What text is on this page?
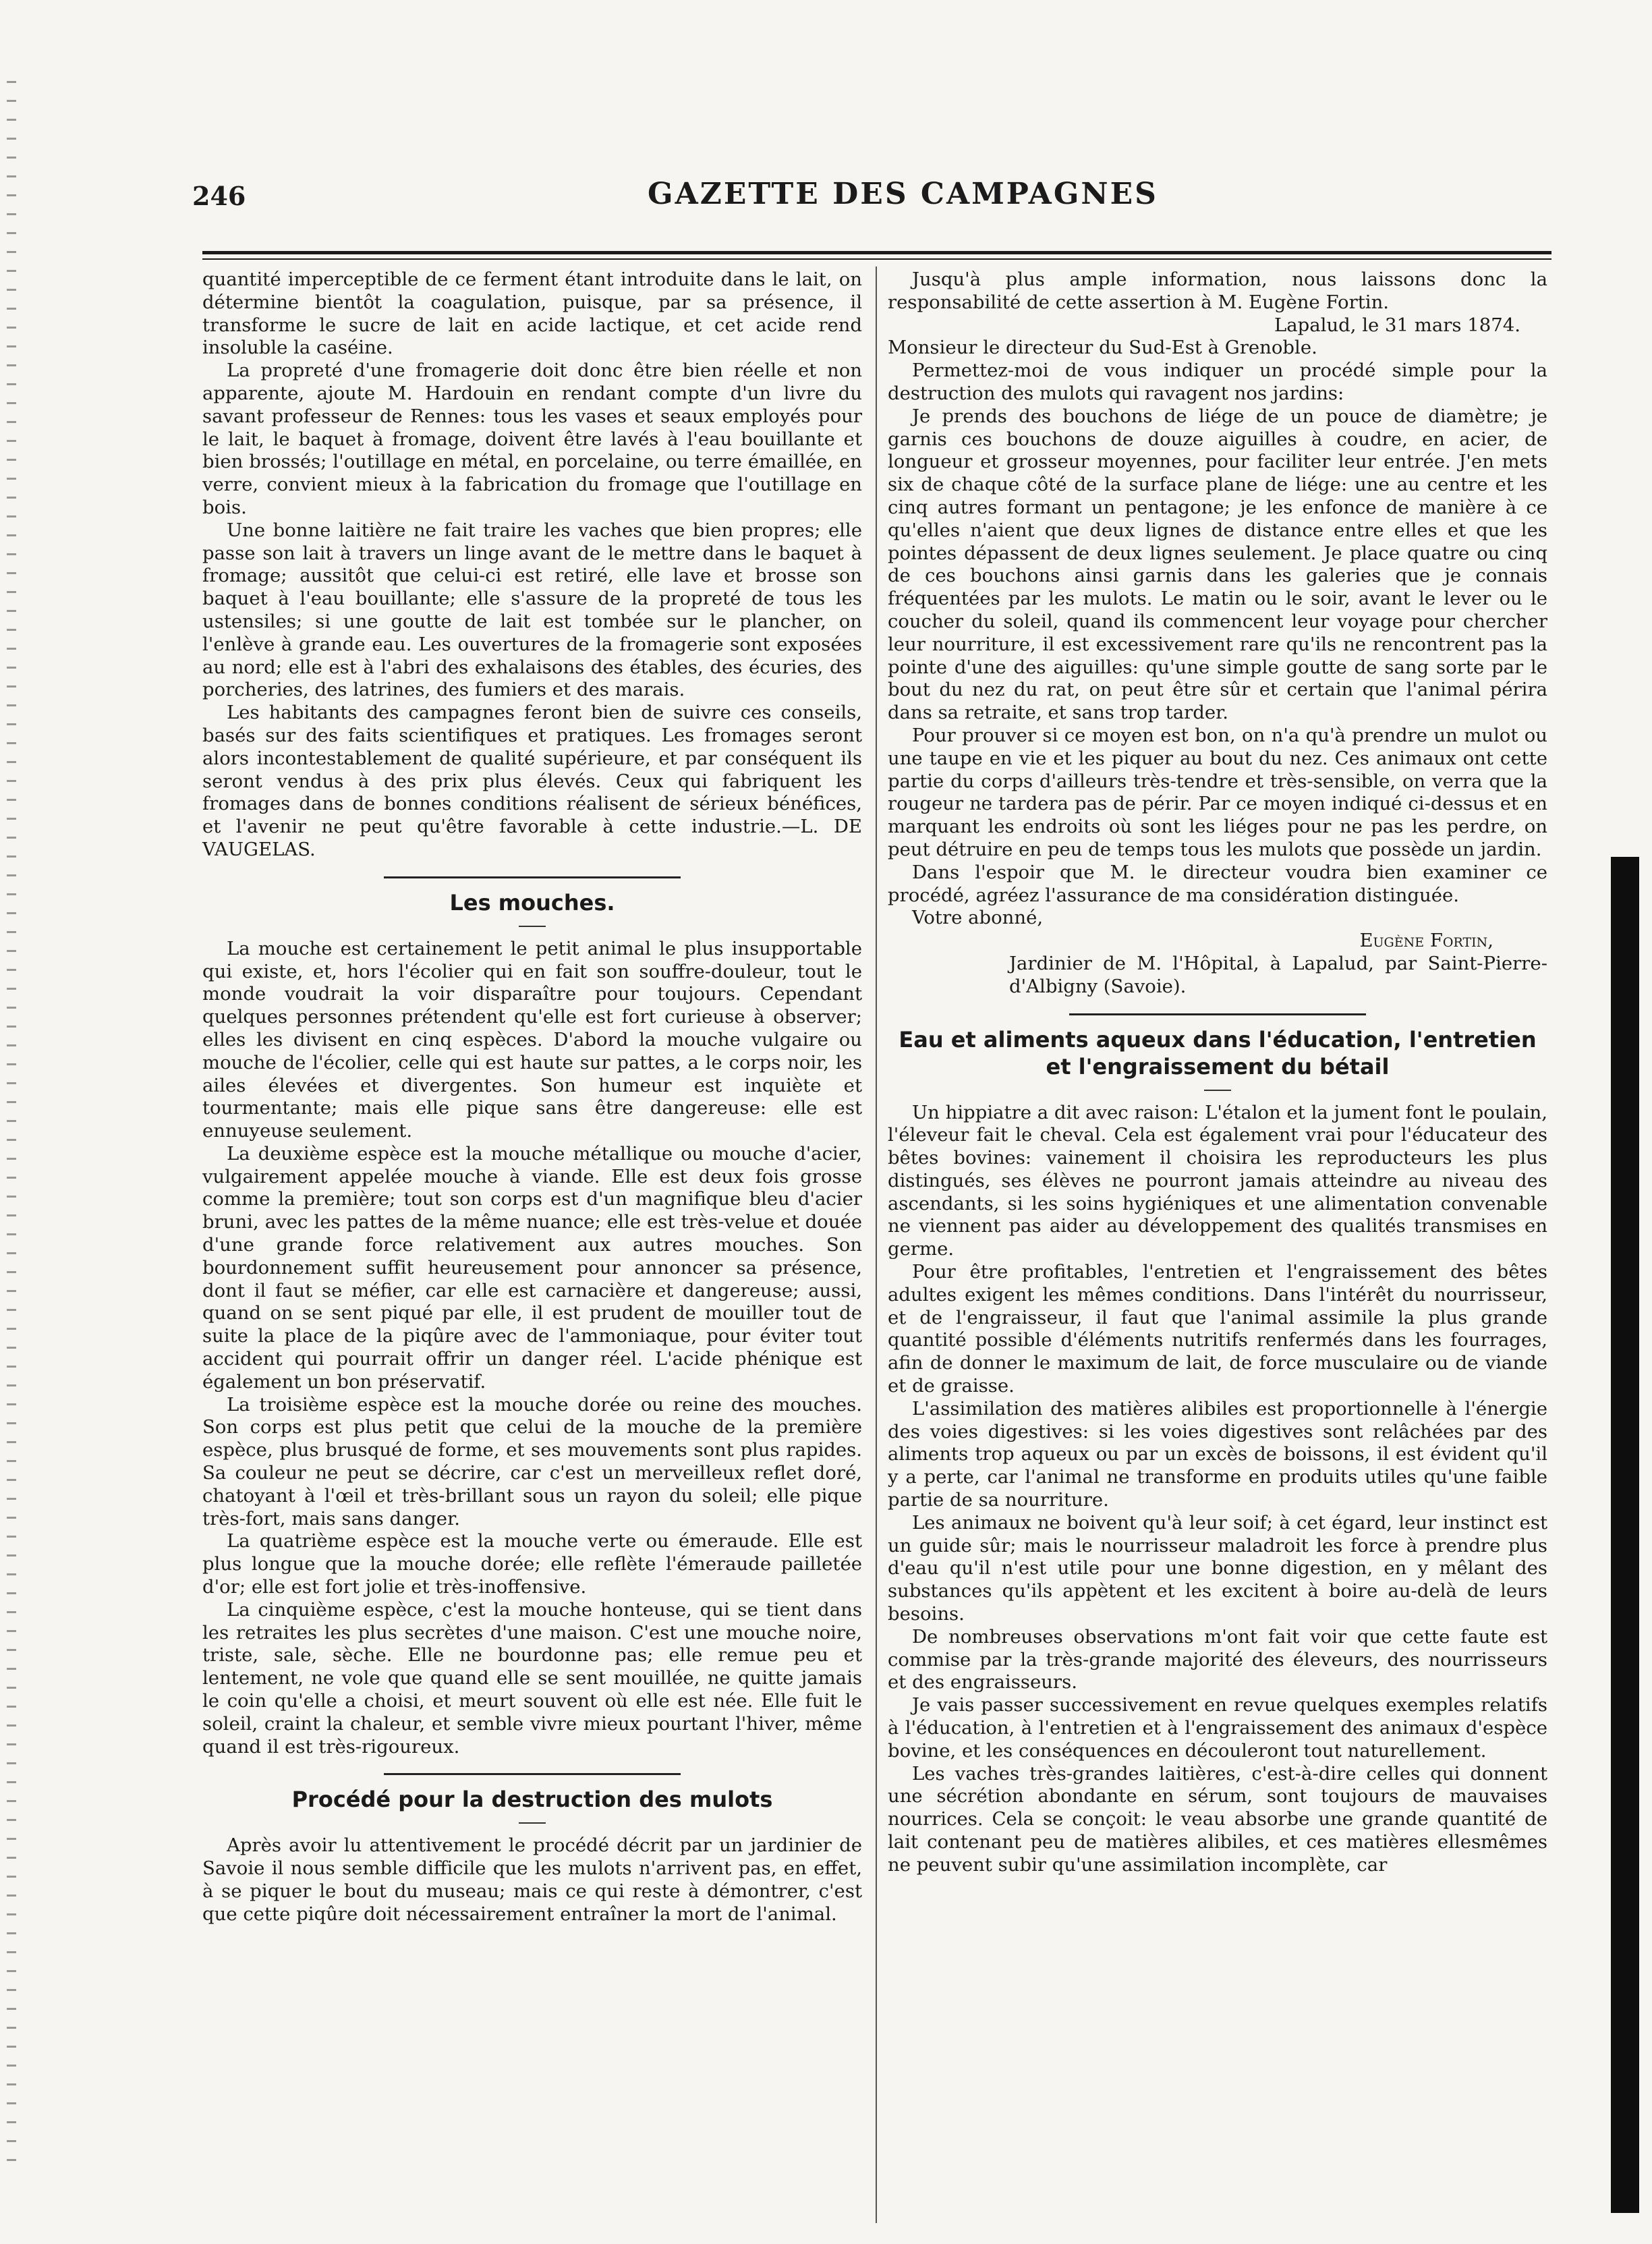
246	GAZETTE DES CAMPAGNES

quantité imperceptible de ce ferment étant introduite dans le lait, on détermine bientôt la coagulation, puisque, par sa présence, il transforme le sucre de lait en acide lactique, et cet acide rend insoluble la caséine.

La propreté d'une fromagerie doit donc être bien réelle et non apparente, ajoute M. Hardouin en rendant compte d'un livre du savant professeur de Rennes: tous les vases et seaux employés pour le lait, le baquet à fromage, doivent être lavés à l'eau bouillante et bien brossés; l'outillage en métal, en porcelaine, ou terre émaillée, en verre, convient mieux à la fabrication du fromage que l'outillage en bois.

Une bonne laitière ne fait traire les vaches que bien propres; elle passe son lait à travers un linge avant de le mettre dans le baquet à fromage; aussitôt que celui-ci est retiré, elle lave et brosse son baquet à l'eau bouillante; elle s'assure de la propreté de tous les ustensiles; si une goutte de lait est tombée sur le plancher, on l'enlève à grande eau. Les ouvertures de la fromagerie sont exposées au nord; elle est à l'abri des exhalaisons des étables, des écuries, des porcheries, des latrines, des fumiers et des marais.

Les habitants des campagnes feront bien de suivre ces conseils, basés sur des faits scientifiques et pratiques. Les fromages seront alors incontestablement de qualité supérieure, et par conséquent ils seront vendus à des prix plus élevés. Ceux qui fabriquent les fromages dans de bonnes conditions réalisent de sérieux bénéfices, et l'avenir ne peut qu'être favorable à cette industrie.—L. DE VAUGELAS.

Les mouches.

La mouche est certainement le petit animal le plus insupportable qui existe, et, hors l'écolier qui en fait son souffre-douleur, tout le monde voudrait la voir disparaître pour toujours. Cependant quelques personnes prétendent qu'elle est fort curieuse à observer; elles les divisent en cinq espèces. D'abord la mouche vulgaire ou mouche de l'écolier, celle qui est haute sur pattes, a le corps noir, les ailes élevées et divergentes. Son humeur est inquiète et tourmentante; mais elle pique sans être dangereuse: elle est ennuyeuse seulement.

La deuxième espèce est la mouche métallique ou mouche d'acier, vulgairement appelée mouche à viande. Elle est deux fois grosse comme la première; tout son corps est d'un magnifique bleu d'acier bruni, avec les pattes de la même nuance; elle est très-velue et douée d'une grande force relativement aux autres mouches. Son bourdonnement suffit heureusement pour annoncer sa présence, dont il faut se méfier, car elle est carnacière et dangereuse; aussi, quand on se sent piqué par elle, il est prudent de mouiller tout de suite la place de la piqûre avec de l'ammoniaque, pour éviter tout accident qui pourrait offrir un danger réel. L'acide phénique est également un bon préservatif.

La troisième espèce est la mouche dorée ou reine des mouches. Son corps est plus petit que celui de la mouche de la première espèce, plus brusqué de forme, et ses mouvements sont plus rapides. Sa couleur ne peut se décrire, car c'est un merveilleux reflet doré, chatoyant à l'œil et très-brillant sous un rayon du soleil; elle pique très-fort, mais sans danger.

La quatrième espèce est la mouche verte ou émeraude. Elle est plus longue que la mouche dorée; elle reflète l'émeraude pailletée d'or; elle est fort jolie et très-inoffensive.

La cinquième espèce, c'est la mouche honteuse, qui se tient dans les retraites les plus secrètes d'une maison. C'est une mouche noire, triste, sale, sèche. Elle ne bourdonne pas; elle remue peu et lentement, ne vole que quand elle se sent mouillée, ne quitte jamais le coin qu'elle a choisi, et meurt souvent où elle est née. Elle fuit le soleil, craint la chaleur, et semble vivre mieux pourtant l'hiver, même quand il est très-rigoureux.

Procédé pour la destruction des mulots

Après avoir lu attentivement le procédé décrit par un jardinier de Savoie il nous semble difficile que les mulots n'arrivent pas, en effet, à se piquer le bout du museau; mais ce qui reste à démontrer, c'est que cette piqûre doit nécessairement entraîner la mort de l'animal.

Jusqu'à plus ample information, nous laissons donc la responsabilité de cette assertion à M. Eugène Fortin.

Lapalud, le 31 mars 1874.

Monsieur le directeur du Sud-Est à Grenoble.

Permettez-moi de vous indiquer un procédé simple pour la destruction des mulots qui ravagent nos jardins:

Je prends des bouchons de liége de un pouce de diamètre; je garnis ces bouchons de douze aiguilles à coudre, en acier, de longueur et grosseur moyennes, pour faciliter leur entrée. J'en mets six de chaque côté de la surface plane de liége: une au centre et les cinq autres formant un pentagone; je les enfonce de manière à ce qu'elles n'aient que deux lignes de distance entre elles et que les pointes dépassent de deux lignes seulement. Je place quatre ou cinq de ces bouchons ainsi garnis dans les galeries que je connais fréquentées par les mulots. Le matin ou le soir, avant le lever ou le coucher du soleil, quand ils commencent leur voyage pour chercher leur nourriture, il est excessivement rare qu'ils ne rencontrent pas la pointe d'une des aiguilles: qu'une simple goutte de sang sorte par le bout du nez du rat, on peut être sûr et certain que l'animal périra dans sa retraite, et sans trop tarder.

Pour prouver si ce moyen est bon, on n'a qu'à prendre un mulot ou une taupe en vie et les piquer au bout du nez. Ces animaux ont cette partie du corps d'ailleurs très-tendre et très-sensible, on verra que la rougeur ne tardera pas de périr. Par ce moyen indiqué ci-dessus et en marquant les endroits où sont les liéges pour ne pas les perdre, on peut détruire en peu de temps tous les mulots que possède un jardin.

Dans l'espoir que M. le directeur voudra bien examiner ce procédé, agréez l'assurance de ma considération distinguée.

Votre abonné,

Eugène Fortin,

Jardinier de M. l'Hôpital, à Lapalud, par Saint-Pierre-d'Albigny (Savoie).

Eau et aliments aqueux dans l'éducation, l'entretien et l'engraissement du bétail

Un hippiatre a dit avec raison: L'étalon et la jument font le poulain, l'éleveur fait le cheval. Cela est également vrai pour l'éducateur des bêtes bovines: vainement il choisira les reproducteurs les plus distingués, ses élèves ne pourront jamais atteindre au niveau des ascendants, si les soins hygiéniques et une alimentation convenable ne viennent pas aider au développement des qualités transmises en germe.

Pour être profitables, l'entretien et l'engraissement des bêtes adultes exigent les mêmes conditions. Dans l'intérêt du nourrisseur, et de l'engraisseur, il faut que l'animal assimile la plus grande quantité possible d'éléments nutritifs renfermés dans les fourrages, afin de donner le maximum de lait, de force musculaire ou de viande et de graisse.

L'assimilation des matières alibiles est proportionnelle à l'énergie des voies digestives: si les voies digestives sont relâchées par des aliments trop aqueux ou par un excès de boissons, il est évident qu'il y a perte, car l'animal ne transforme en produits utiles qu'une faible partie de sa nourriture.

Les animaux ne boivent qu'à leur soif; à cet égard, leur instinct est un guide sûr; mais le nourrisseur maladroit les force à prendre plus d'eau qu'il n'est utile pour une bonne digestion, en y mêlant des substances qu'ils appètent et les excitent à boire au-delà de leurs besoins.

De nombreuses observations m'ont fait voir que cette faute est commise par la très-grande majorité des éleveurs, des nourrisseurs et des engraisseurs.

Je vais passer successivement en revue quelques exemples relatifs à l'éducation, à l'entretien et à l'engraissement des animaux d'espèce bovine, et les conséquences en découleront tout naturellement.

Les vaches très-grandes laitières, c'est-à-dire celles qui donnent une sécrétion abondante en sérum, sont toujours de mauvaises nourrices. Cela se conçoit: le veau absorbe une grande quantité de lait contenant peu de matières alibiles, et ces matières ellesmêmes ne peuvent subir qu'une assimilation incomplète, car
